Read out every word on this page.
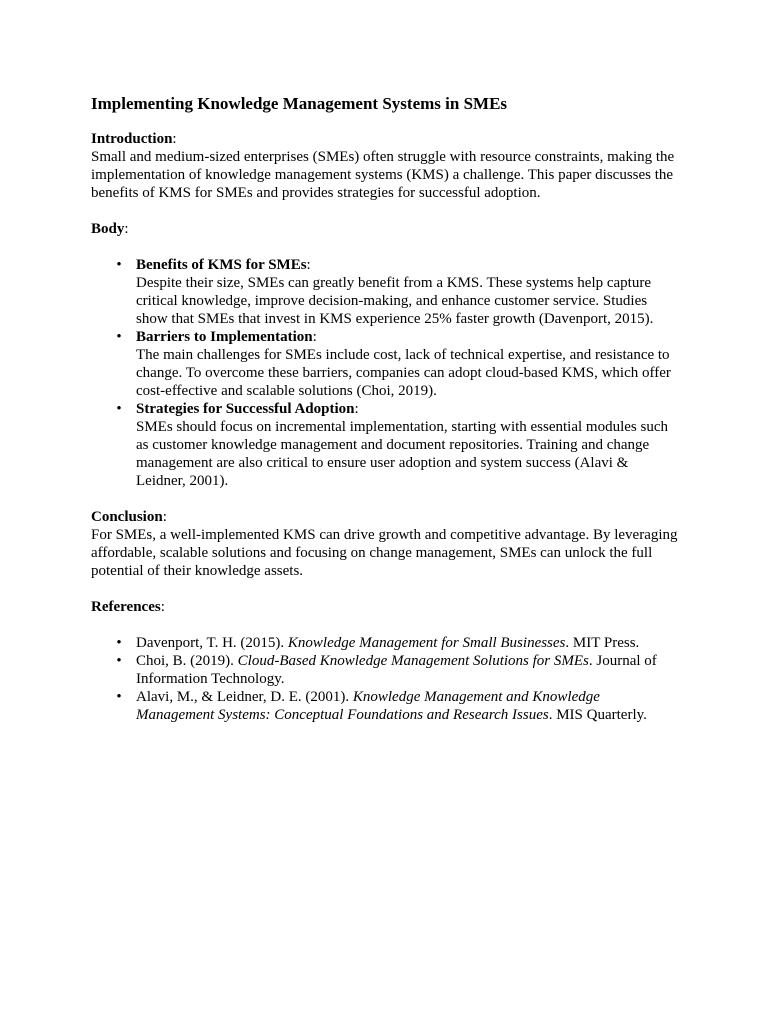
Implementing Knowledge Management Systems in SMEs

Introduction:

Small and medium-sized enterprises (SMEs) often struggle with resource constraints, making the implementation of knowledge management systems (KMS) a challenge. This paper discusses the benefits of KMS for SMEs and provides strategies for successful adoption.

Body:

• Benefits of KMS for SMEs:
Despite their size, SMEs can greatly benefit from a KMS. These systems help capture critical knowledge, improve decision-making, and enhance customer service. Studies show that SMEs that invest in KMS experience 25% faster growth (Davenport, 2015).
• Barriers to Implementation:
The main challenges for SMEs include cost, lack of technical expertise, and resistance to change. To overcome these barriers, companies can adopt cloud-based KMS, which offer cost-effective and scalable solutions (Choi, 2019).
• Strategies for Successful Adoption:
SMEs should focus on incremental implementation, starting with essential modules such as customer knowledge management and document repositories. Training and change management are also critical to ensure user adoption and system success (Alavi & Leidner, 2001).

Conclusion:

For SMEs, a well-implemented KMS can drive growth and competitive advantage. By leveraging affordable, scalable solutions and focusing on change management, SMEs can unlock the full potential of their knowledge assets.

References:

• Davenport, T. H. (2015). Knowledge Management for Small Businesses. MIT Press.
• Choi, B. (2019). Cloud-Based Knowledge Management Solutions for SMEs. Journal of Information Technology.
• Alavi, M., & Leidner, D. E. (2001). Knowledge Management and Knowledge Management Systems: Conceptual Foundations and Research Issues. MIS Quarterly.
